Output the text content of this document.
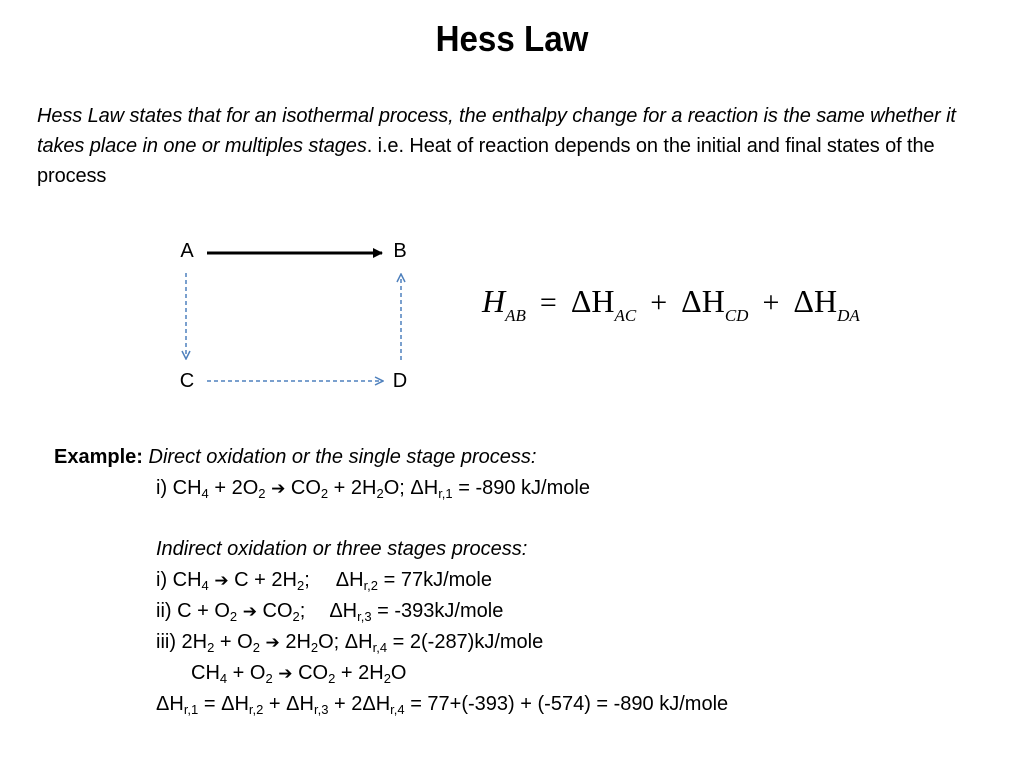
Hess Law
Hess Law states that for an isothermal process, the enthalpy change for a reaction is the same whether it takes place in one or multiples stages. i.e. Heat of reaction depends on the initial and final states of the process
A	B
C	D
$H_{AB} = \Delta H_{AC} + \Delta H_{CD} + \Delta H_{DA}$
Example: Direct oxidation or the single stage process:
i) $CH_4 + 2O_2$ ➔ $CO_2 + 2H_2O$; $\Delta H_{r,1} = -890$ kJ/mole
Indirect oxidation or three stages process:
i) $CH_4$ ➔ $C + 2H_2$; $\Delta H_{r,2}$ = 77kJ/mole
ii) $C + O_2$ ➔ $CO_2$; $\Delta H_{r,3}$ = -393kJ/mole
iii) $2H_2 + O_2$ ➔ $2H_2O$; $\Delta H_{r,4}$ = 2(-287)kJ/mole
$CH_4 + O_2$ ➔ $CO_2 + 2H_2O$
$\Delta H_{r,1} = \Delta H_{r,2} + \Delta H_{r,3} + 2\Delta H_{r,4} = 77+(-393) + (-574) = -890$ kJ/mole
